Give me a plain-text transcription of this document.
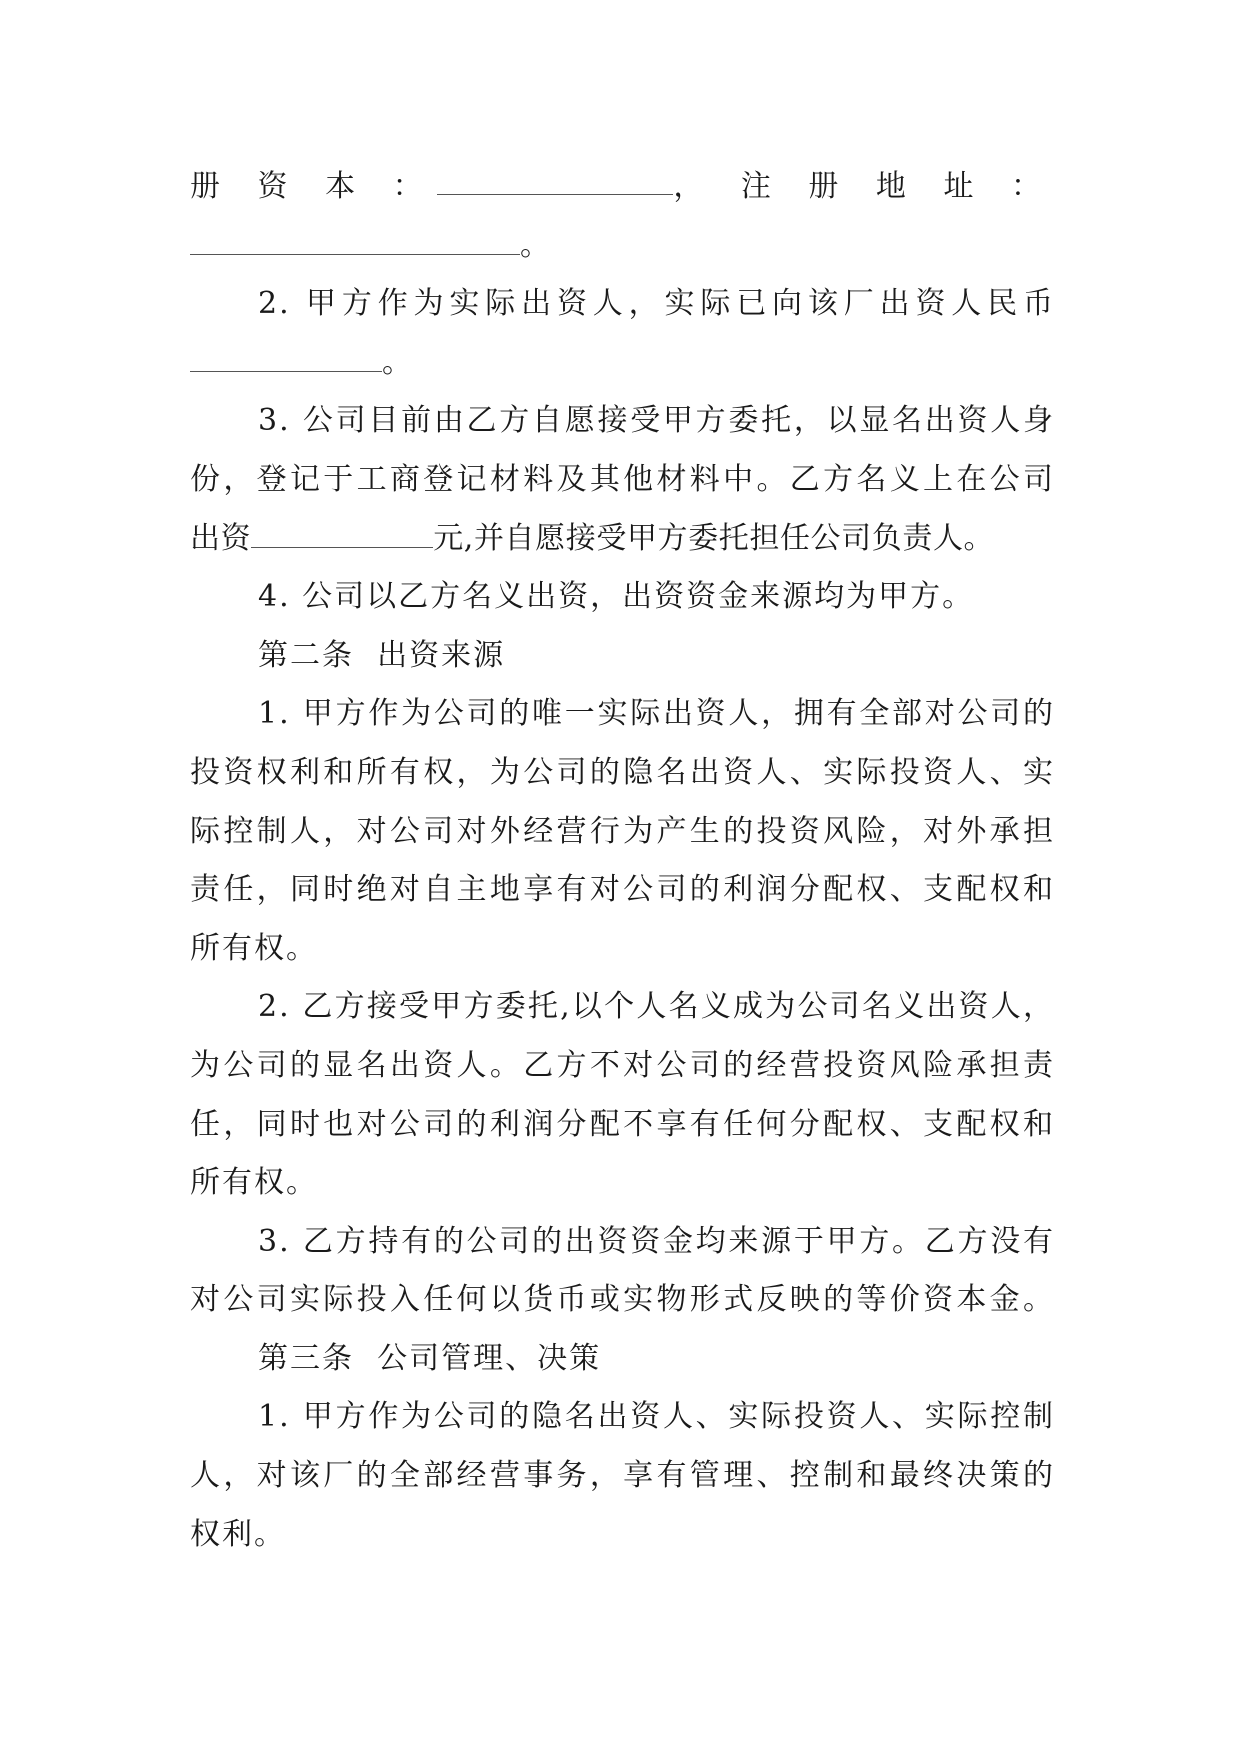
册 资 本 ：	， 注 册 地 址 ：
。
2. 甲方作为实际出资人，实际已向该厂出资人民币
。
3. 公司目前由乙方自愿接受甲方委托，以显名出资人身
份，登记于工商登记材料及其他材料中。乙方名义上在公司
出资	元,并自愿接受甲方委托担任公司负责人。
4. 公司以乙方名义出资，出资资金来源均为甲方。
第二条  出资来源
1. 甲方作为公司的唯一实际出资人，拥有全部对公司的
投资权利和所有权，为公司的隐名出资人、实际投资人、实
际控制人，对公司对外经营行为产生的投资风险，对外承担
责任，同时绝对自主地享有对公司的利润分配权、支配权和
所有权。
2. 乙方接受甲方委托,以个人名义成为公司名义出资人，
为公司的显名出资人。乙方不对公司的经营投资风险承担责
任，同时也对公司的利润分配不享有任何分配权、支配权和
所有权。
3. 乙方持有的公司的出资资金均来源于甲方。乙方没有
对公司实际投入任何以货币或实物形式反映的等价资本金。
第三条  公司管理、决策
1. 甲方作为公司的隐名出资人、实际投资人、实际控制
人，对该厂的全部经营事务，享有管理、控制和最终决策的
权利。
